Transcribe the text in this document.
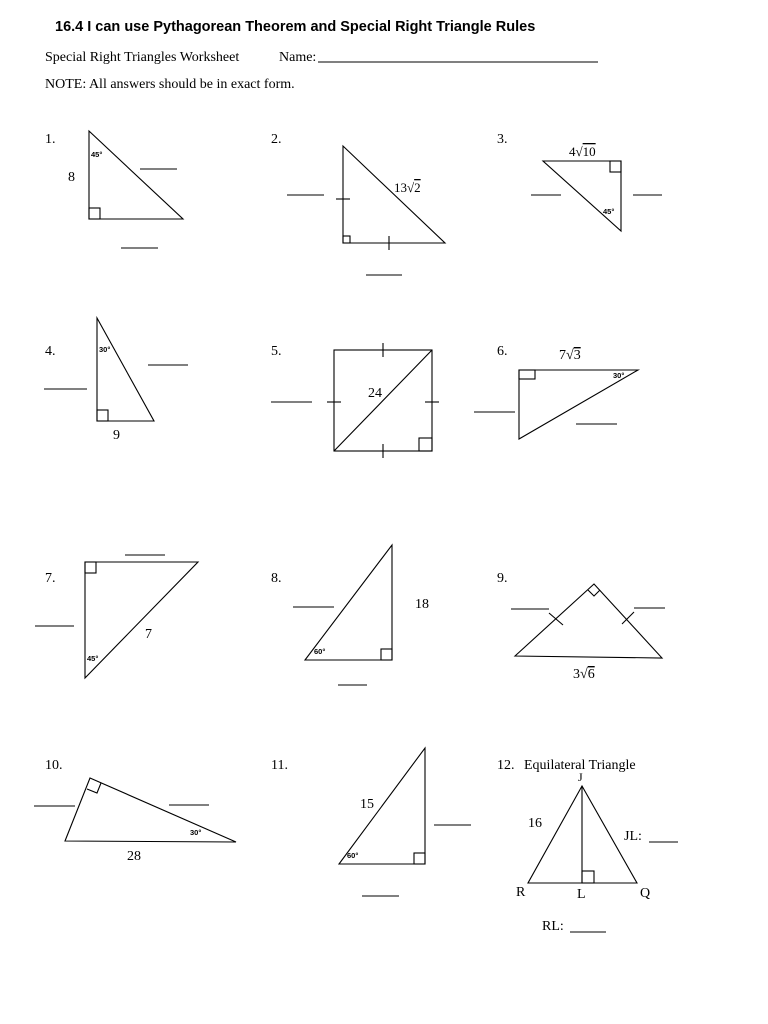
16.4 I can use Pythagorean Theorem and Special Right Triangle Rules
Special Right Triangles Worksheet	Name:
NOTE: All answers should be in exact form.
1.
45°
8
2.
13√2
3.
4√10
45°
4.	30°
9
5.
24
6.	7√3
30°
7.
45°
7
8.
60°
18
9.
3√6
10.
30°
28
11.
60°
15
12. Equilateral Triangle
J
16
R	L	Q
JL:
RL:
